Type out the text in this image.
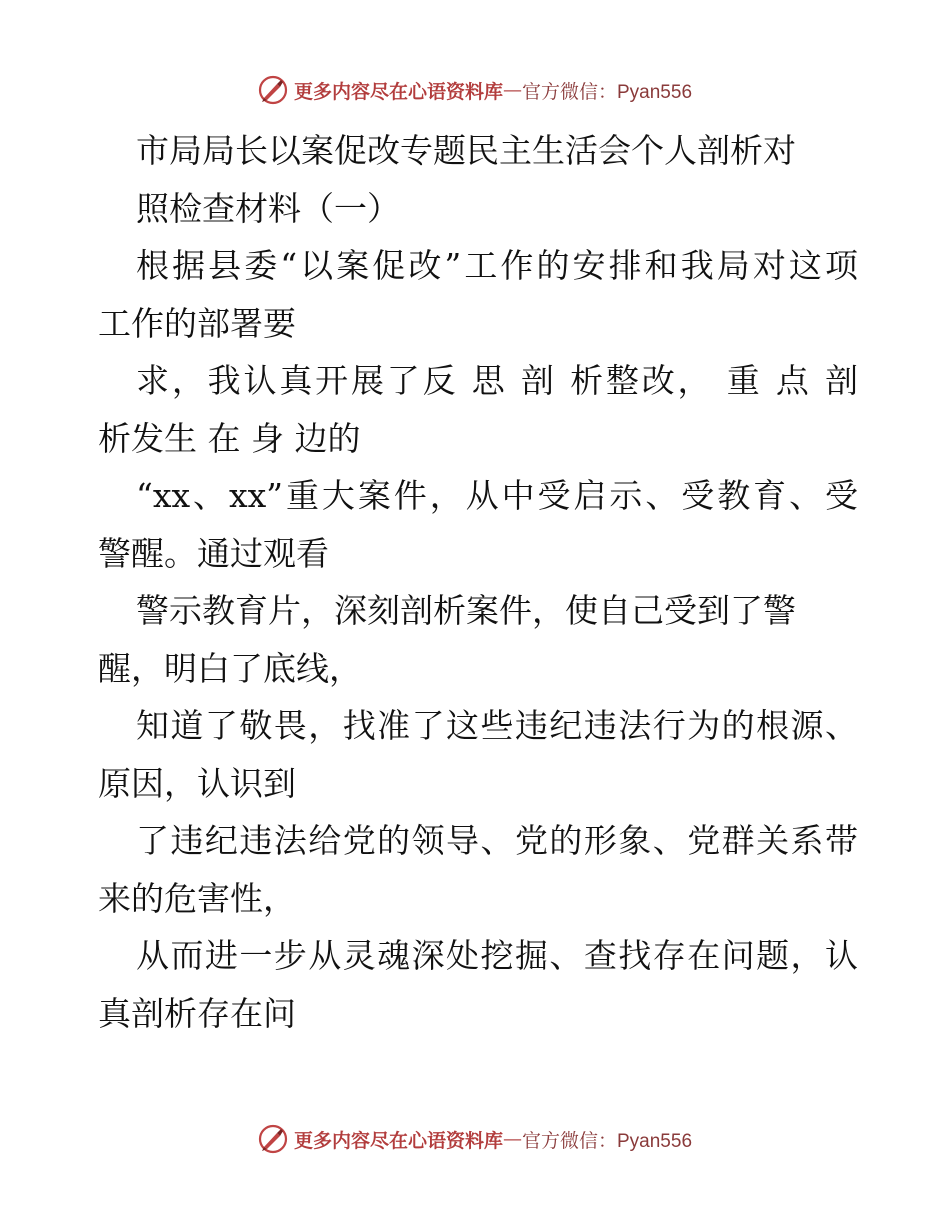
更多内容尽在心语资料库 — 官方微信：Pyan556
市局局长以案促改专题民主生活会个人剖析对
照检查材料（一）
根据县委“以案促改”工作的安排和我局对这项
工作的部署要
求，我认真开展了反 思 剖 析整改， 重 点 剖
析发生 在 身 边的
“xx、xx”重大案件，从中受启示、受教育、受
警醒。通过观看
警示教育片，深刻剖析案件，使自己受到了警
醒，明白了底线，
知道了敬畏，找准了这些违纪违法行为的根源、
原因，认识到
了违纪违法给党的领导、党的形象、党群关系带
来的危害性，
从而进一步从灵魂深处挖掘、查找存在问题，认
真剖析存在问
更多内容尽在心语资料库 — 官方微信：Pyan556
